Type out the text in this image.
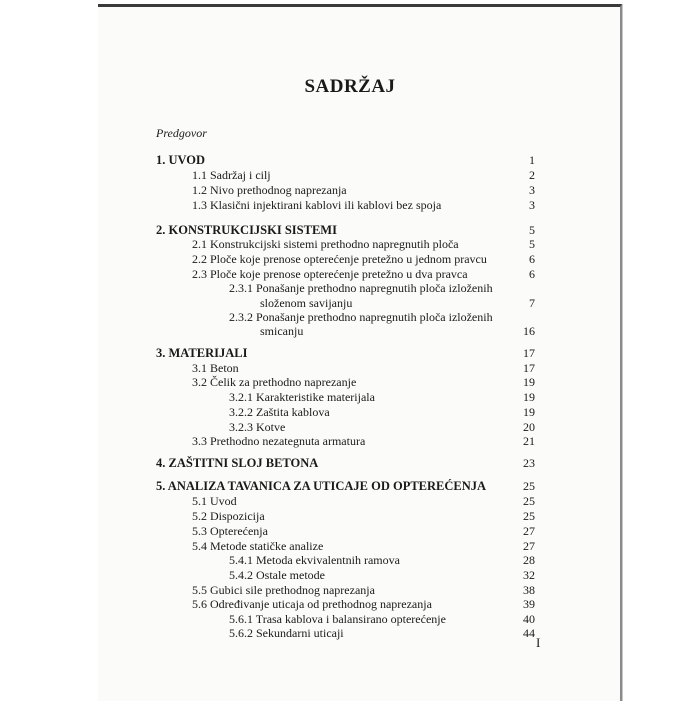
SADRŽAJ
Predgovor
1. UVOD	1
1.1 Sadržaj i cilj	2
1.2 Nivo prethodnog naprezanja	3
1.3 Klasični injektirani kablovi ili kablovi bez spoja	3
2. KONSTRUKCIJSKI SISTEMI	5
2.1 Konstrukcijski sistemi prethodno napregnutih ploča	5
2.2 Ploče koje prenose opterećenje pretežno u jednom pravcu	6
2.3 Ploče koje prenose opterećenje pretežno u dva pravca	6
2.3.1 Ponašanje prethodno napregnutih ploča izloženih
složenom savijanju	7
2.3.2 Ponašanje prethodno napregnutih ploča izloženih
smicanju	16
3. MATERIJALI	17
3.1 Beton	17
3.2 Čelik za prethodno naprezanje	19
3.2.1 Karakteristike materijala	19
3.2.2 Zaštita kablova	19
3.2.3 Kotve	20
3.3 Prethodno nezategnuta armatura	21
4. ZAŠTITNI SLOJ BETONA	23
5. ANALIZA TAVANICA ZA UTICAJE OD OPTEREĆENJA	25
5.1 Uvod	25
5.2 Dispozicija	25
5.3 Opterećenja	27
5.4 Metode statičke analize	27
5.4.1 Metoda ekvivalentnih ramova	28
5.4.2 Ostale metode	32
5.5 Gubici sile prethodnog naprezanja	38
5.6 Određivanje uticaja od prethodnog naprezanja	39
5.6.1 Trasa kablova i balansirano opterećenje	40
5.6.2 Sekundarni uticaji	44
I
